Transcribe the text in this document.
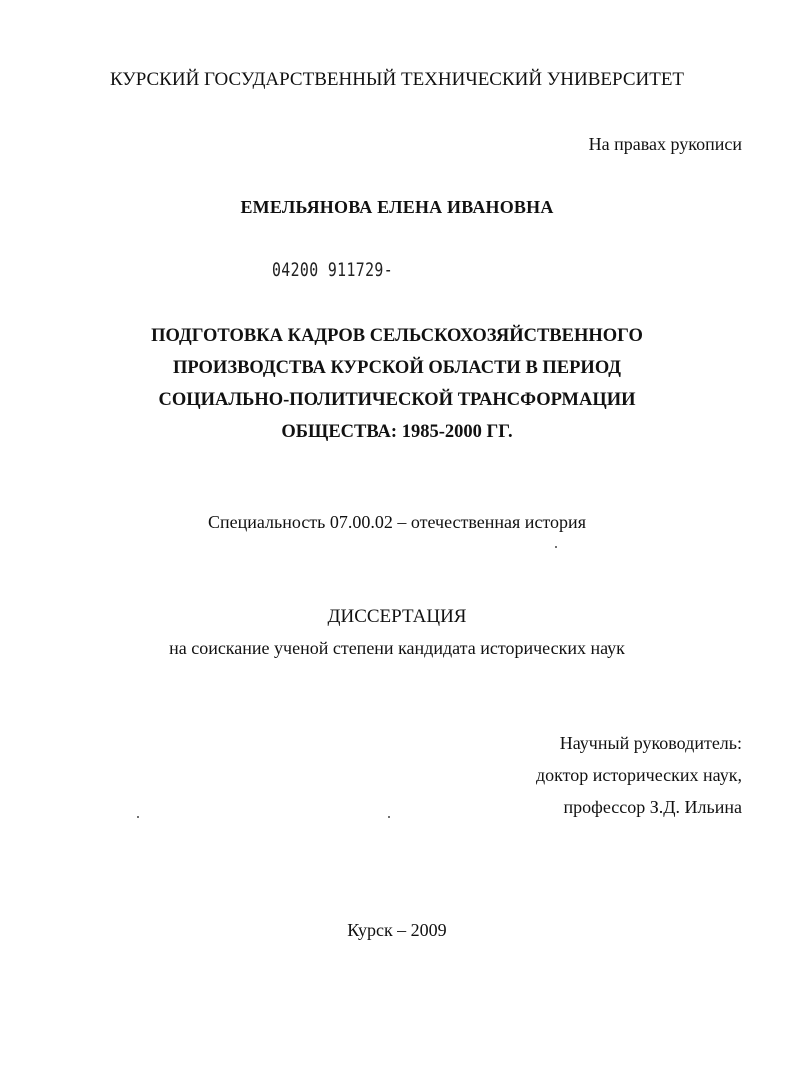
КУРСКИЙ ГОСУДАРСТВЕННЫЙ ТЕХНИЧЕСКИЙ УНИВЕРСИТЕТ
На правах рукописи
ЕМЕЛЬЯНОВА ЕЛЕНА ИВАНОВНА
04200 911729-
ПОДГОТОВКА КАДРОВ СЕЛЬСКОХОЗЯЙСТВЕННОГО
ПРОИЗВОДСТВА КУРСКОЙ ОБЛАСТИ В ПЕРИОД
СОЦИАЛЬНО-ПОЛИТИЧЕСКОЙ ТРАНСФОРМАЦИИ
ОБЩЕСТВА: 1985-2000 ГГ.
Специальность 07.00.02 – отечественная история
ДИССЕРТАЦИЯ
на соискание ученой степени кандидата исторических наук
Научный руководитель:
доктор исторических наук,
профессор З.Д. Ильина
Курск – 2009
